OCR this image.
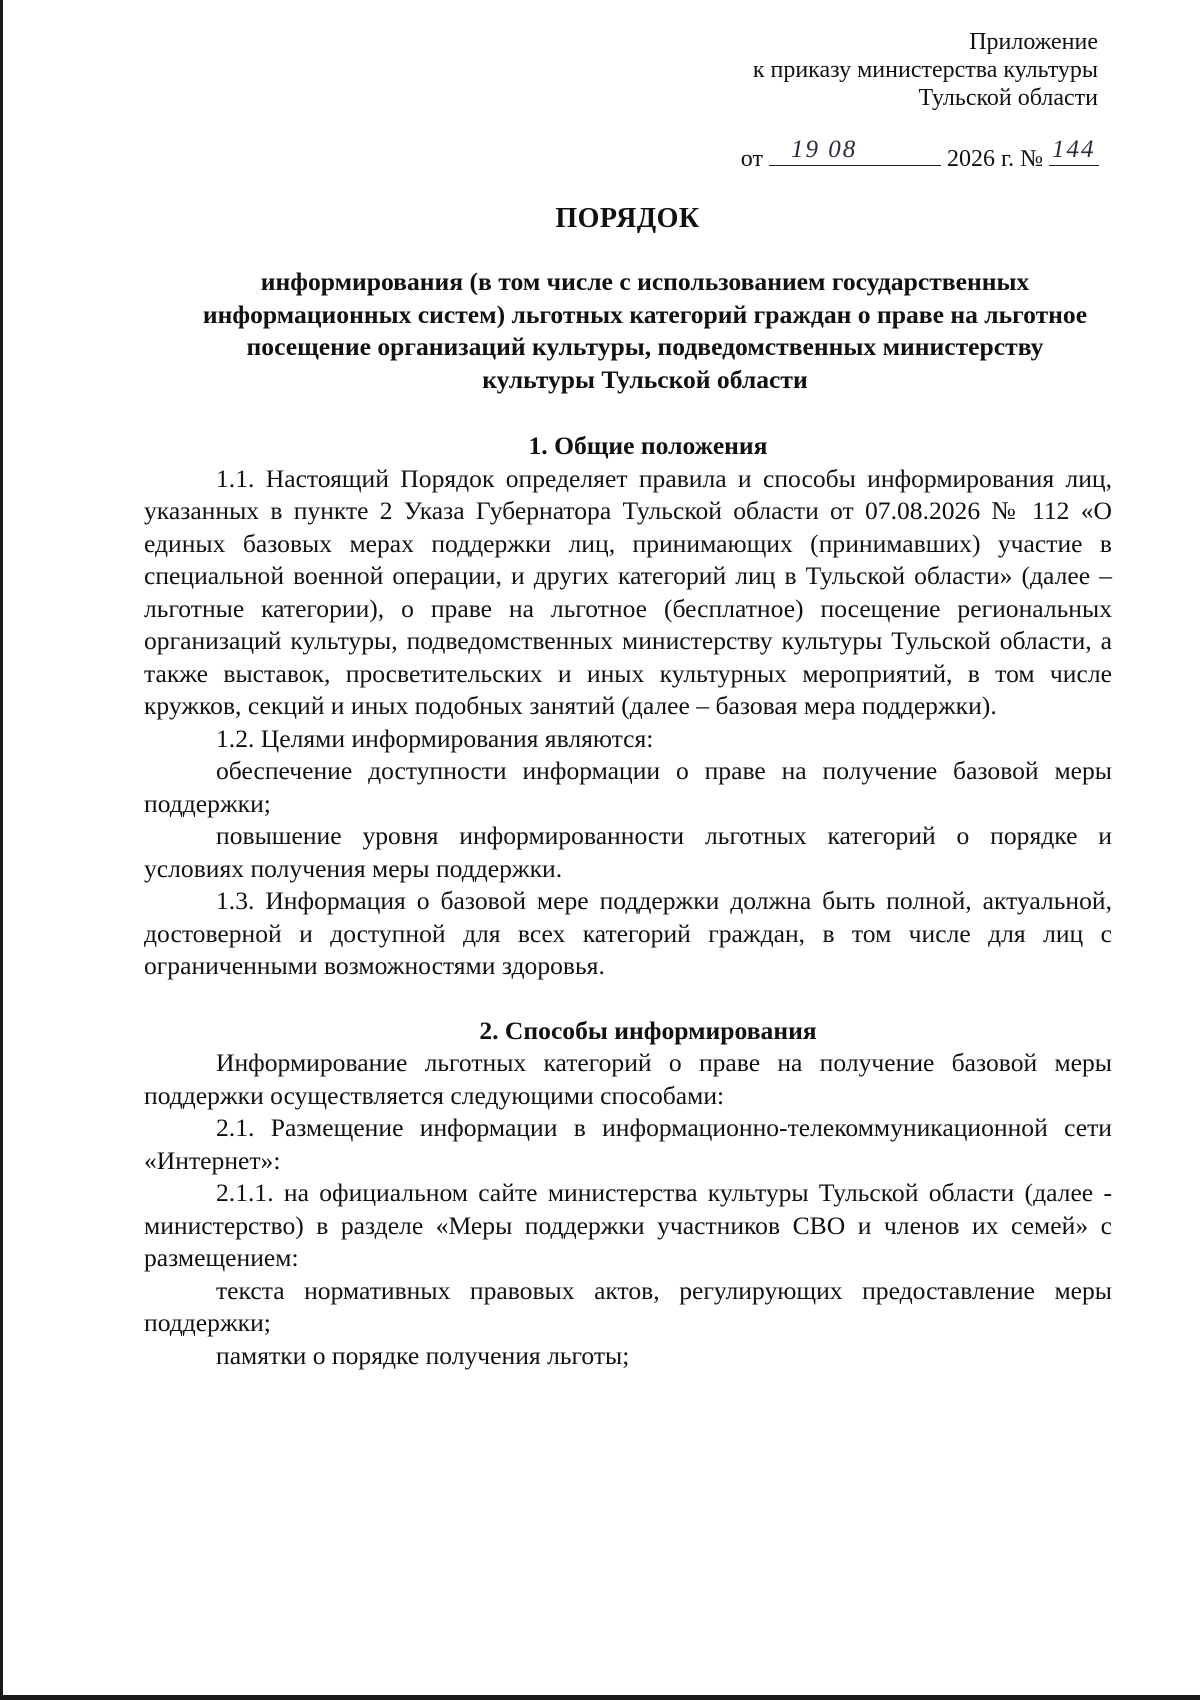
Приложение
к приказу министерства культуры
Тульской области
от 19 08	2026 г. № 144
ПОРЯДОК
информирования (в том числе с использованием государственных информационных систем) льготных категорий граждан о праве на льготное посещение организаций культуры, подведомственных министерству культуры Тульской области
1. Общие положения

1.1. Настоящий Порядок определяет правила и способы информирования лиц, указанных в пункте 2 Указа Губернатора Тульской области от 07.08.2026 № 112 «О единых базовых мерах поддержки лиц, принимающих (принимавших) участие в специальной военной операции, и других категорий лиц в Тульской области» (далее – льготные категории), о праве на льготное (бесплатное) посещение региональных организаций культуры, подведомственных министерству культуры Тульской области, а также выставок, просветительских и иных культурных мероприятий, в том числе кружков, секций и иных подобных занятий (далее – базовая мера поддержки).

1.2. Целями информирования являются:

обеспечение доступности информации о праве на получение базовой меры поддержки;

повышение уровня информированности льготных категорий о порядке и условиях получения меры поддержки.

1.3. Информация о базовой мере поддержки должна быть полной, актуальной, достоверной и доступной для всех категорий граждан, в том числе для лиц с ограниченными возможностями здоровья.

2. Способы информирования

Информирование льготных категорий о праве на получение базовой меры поддержки осуществляется следующими способами:

2.1. Размещение информации в информационно-телекоммуникационной сети «Интернет»:

2.1.1. на официальном сайте министерства культуры Тульской области (далее - министерство) в разделе «Меры поддержки участников СВО и членов их семей» с размещением:

текста нормативных правовых актов, регулирующих предоставление меры поддержки;

памятки о порядке получения льготы;
